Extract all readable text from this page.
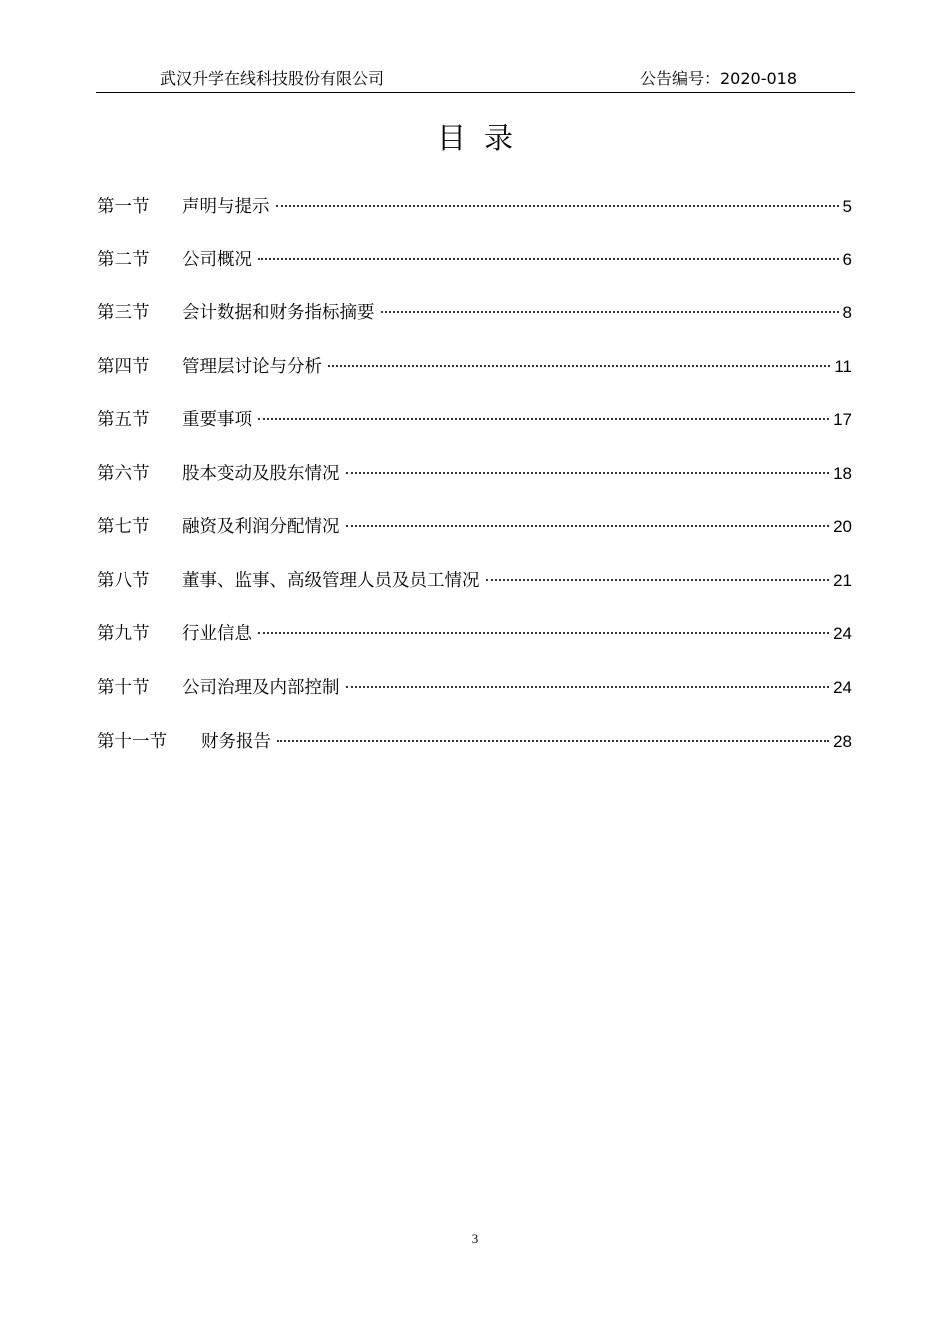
武汉升学在线科技股份有限公司	公告编号：2020-018
目录
第一节	声明与提示	5
第二节	公司概况	6
第三节	会计数据和财务指标摘要	8
第四节	管理层讨论与分析	11
第五节	重要事项	17
第六节	股本变动及股东情况	18
第七节	融资及利润分配情况	20
第八节	董事、监事、高级管理人员及员工情况	21
第九节	行业信息	24
第十节	公司治理及内部控制	24
第十一节	财务报告	28
3
